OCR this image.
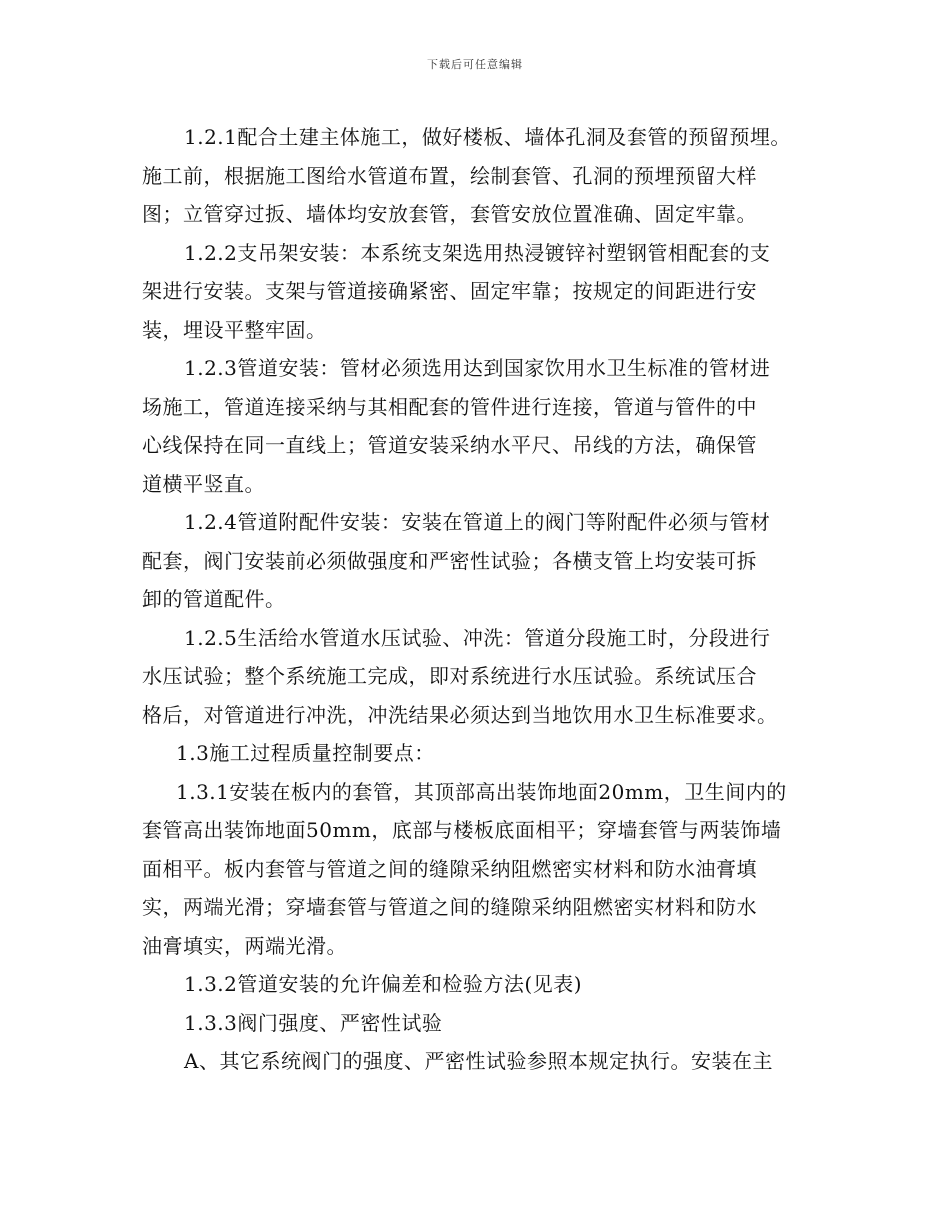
下载后可任意编辑
1.2.1配合土建主体施工，做好楼板、墙体孔洞及套管的预留预埋。
施工前，根据施工图给水管道布置，绘制套管、孔洞的预埋预留大样
图；立管穿过扳、墙体均安放套管，套管安放位置准确、固定牢靠。
1.2.2支吊架安装：本系统支架选用热浸镀锌衬塑钢管相配套的支
架进行安装。支架与管道接确紧密、固定牢靠；按规定的间距进行安
装，埋设平整牢固。
1.2.3管道安装：管材必须选用达到国家饮用水卫生标准的管材进
场施工，管道连接采纳与其相配套的管件进行连接，管道与管件的中
心线保持在同一直线上；管道安装采纳水平尺、吊线的方法，确保管
道横平竖直。
1.2.4管道附配件安装：安装在管道上的阀门等附配件必须与管材
配套，阀门安装前必须做强度和严密性试验；各横支管上均安装可拆
卸的管道配件。
1.2.5生活给水管道水压试验、冲洗：管道分段施工时，分段进行
水压试验；整个系统施工完成，即对系统进行水压试验。系统试压合
格后，对管道进行冲洗，冲洗结果必须达到当地饮用水卫生标准要求。
1.3施工过程质量控制要点：
1.3.1安装在板内的套管，其顶部高出装饰地面20mm，卫生间内的
套管高出装饰地面50mm，底部与楼板底面相平；穿墙套管与两装饰墙
面相平。板内套管与管道之间的缝隙采纳阻燃密实材料和防水油膏填
实，两端光滑；穿墙套管与管道之间的缝隙采纳阻燃密实材料和防水
油膏填实，两端光滑。
1.3.2管道安装的允许偏差和检验方法(见表)
1.3.3阀门强度、严密性试验
A、其它系统阀门的强度、严密性试验参照本规定执行。安装在主
